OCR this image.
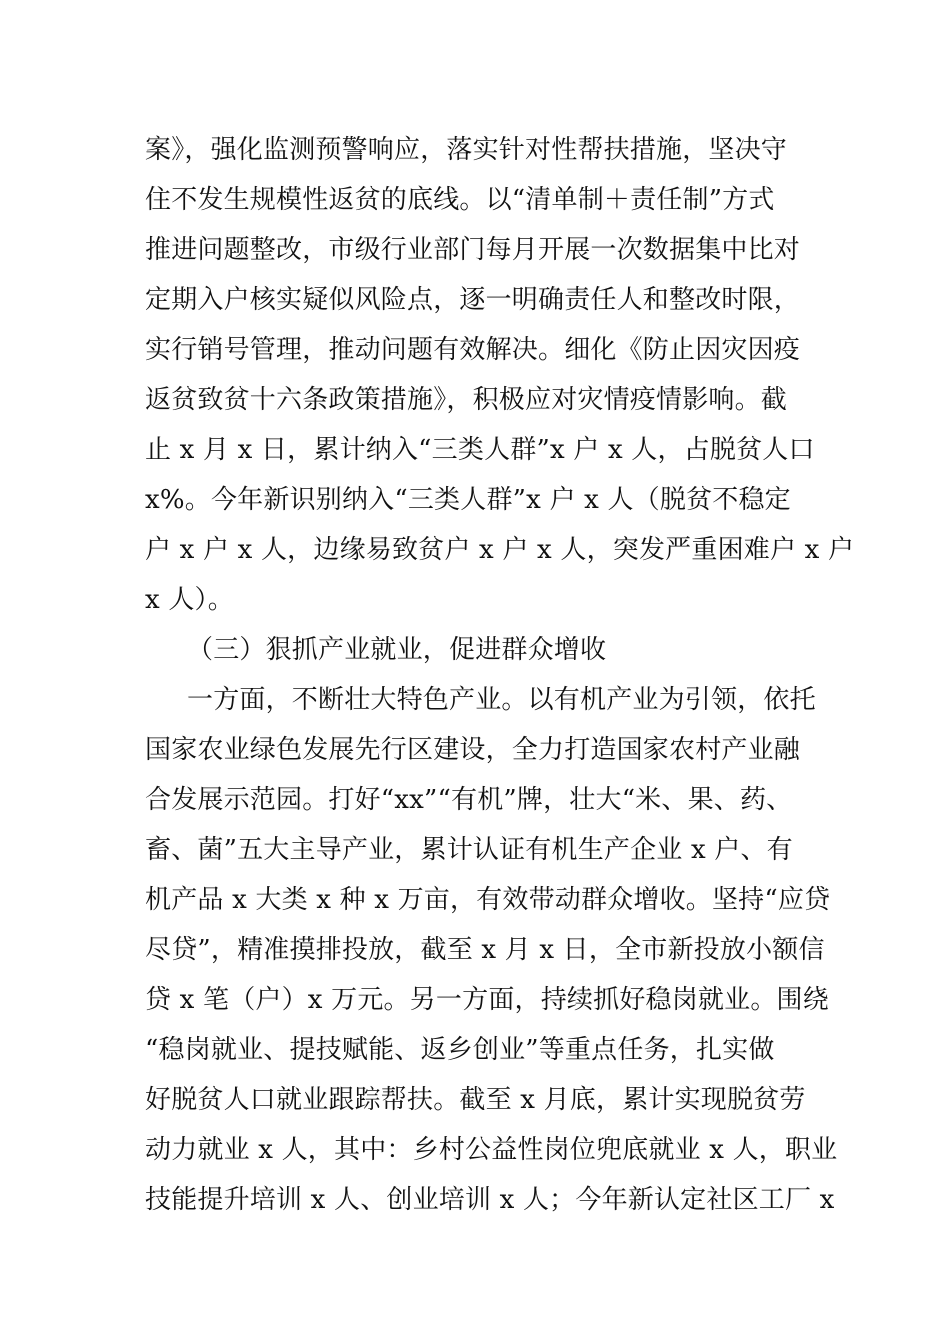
案》，强化监测预警响应，落实针对性帮扶措施，坚决守
住不发生规模性返贫的底线。以“清单制＋责任制”方式
推进问题整改，市级行业部门每月开展一次数据集中比对
定期入户核实疑似风险点，逐一明确责任人和整改时限，
实行销号管理，推动问题有效解决。细化《防止因灾因疫
返贫致贫十六条政策措施》，积极应对灾情疫情影响。截
止 x 月 x 日，累计纳入“三类人群”x 户 x 人，占脱贫人口
x%。今年新识别纳入“三类人群”x 户 x 人（脱贫不稳定
户 x 户 x 人，边缘易致贫户 x 户 x 人，突发严重困难户 x 户
x 人）。
（三）狠抓产业就业，促进群众增收
一方面，不断壮大特色产业。以有机产业为引领，依托
国家农业绿色发展先行区建设，全力打造国家农村产业融
合发展示范园。打好“xx”“有机”牌，壮大“米、果、药、
畜、菌”五大主导产业，累计认证有机生产企业 x 户、有
机产品 x 大类 x 种 x 万亩，有效带动群众增收。坚持“应贷
尽贷”，精准摸排投放，截至 x 月 x 日，全市新投放小额信
贷 x 笔（户）x 万元。另一方面，持续抓好稳岗就业。围绕
“稳岗就业、提技赋能、返乡创业”等重点任务，扎实做
好脱贫人口就业跟踪帮扶。截至 x 月底，累计实现脱贫劳
动力就业 x 人，其中：乡村公益性岗位兜底就业 x 人，职业
技能提升培训 x 人、创业培训 x 人；今年新认定社区工厂 x
